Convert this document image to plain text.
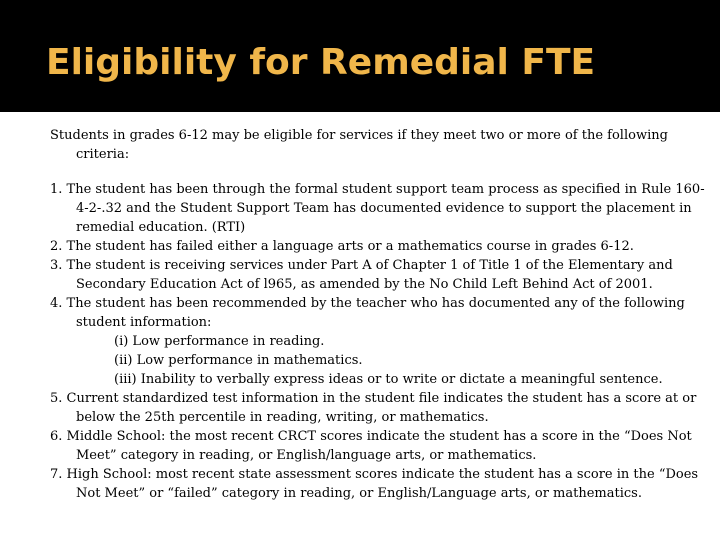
Eligibility for Remedial FTE

Students in grades 6-12 may be eligible for services if they meet two or more of the following criteria:

1. The student has been through the formal student support team process as specified in Rule 160-4-2-.32 and the Student Support Team has documented evidence to support the placement in remedial education. (RTI)
2. The student has failed either a language arts or a mathematics course in grades 6-12.
3. The student is receiving services under Part A of Chapter 1 of Title 1 of the Elementary and Secondary Education Act of l965, as amended by the No Child Left Behind Act of 2001.
4. The student has been recommended by the teacher who has documented any of the following student information:
(i) Low performance in reading.
(ii) Low performance in mathematics.
(iii) Inability to verbally express ideas or to write or dictate a meaningful sentence.
5. Current standardized test information in the student file indicates the student has a score at or below the 25th percentile in reading, writing, or mathematics.
6. Middle School: the most recent CRCT scores indicate the student has a score in the “Does Not Meet” category in reading, or English/language arts, or mathematics.
7. High School: most recent state assessment scores indicate the student has a score in the “Does Not Meet” or “failed” category in reading, or English/Language arts, or mathematics.
